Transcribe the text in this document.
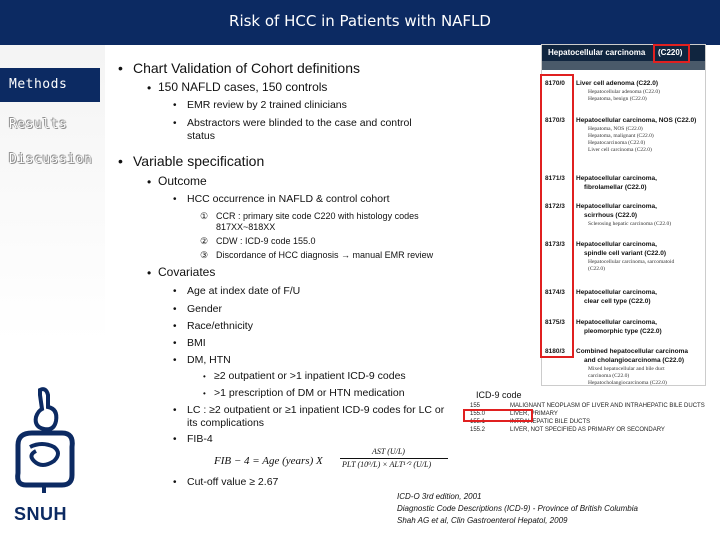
Risk of HCC in Patients with NAFLD
Methods
Results
Discussion
SNUH
• Chart Validation of Cohort definitions
• 150 NAFLD cases, 150 controls
• EMR review by 2 trained clinicians
• Abstractors were blinded to the case and control
status
• Variable specification
• Outcome
• HCC occurrence in NAFLD & control cohort
① CCR : primary site code C220 with histology codes
817XX~818XX
② CDW : ICD-9 code 155.0
③ Discordance of HCC diagnosis → manual EMR review
• Covariates
• Age at index date of F/U
• Gender
• Race/ethnicity
• BMI
• DM, HTN
• ≥2 outpatient or >1 inpatient ICD-9 codes
• >1 prescription of DM or HTN medication
• LC : ≥2 outpatient or ≥1 inpatient ICD-9 codes for LC or
its complications
• FIB-4
FIB − 4 = Age (years) X
AST (U/L)
PLT (10⁹/L) × ALT¹ᐟ² (U/L)
• Cut-off value ≥ 2.67
Hepatocellular carcinoma (C220)
8170/0 Liver cell adenoma (C22.0)
Hepatocellular adenoma (C22.0)
Hepatoma, benign (C22.0)
8170/3 Hepatocellular carcinoma, NOS (C22.0)
Hepatoma, NOS (C22.0)
Hepatoma, malignant (C22.0)
Hepatocarcinoma (C22.0)
Liver cell carcinoma (C22.0)
8171/3 Hepatocellular carcinoma,
fibrolamellar (C22.0)
8172/3 Hepatocellular carcinoma,
scirrhous (C22.0)
Sclerosing hepatic carcinoma (C22.0)
8173/3 Hepatocellular carcinoma,
spindle cell variant (C22.0)
Hepatocellular carcinoma, sarcomatoid
(C22.0)
8174/3 Hepatocellular carcinoma,
clear cell type (C22.0)
8175/3 Hepatocellular carcinoma,
pleomorphic type (C22.0)
8180/3 Combined hepatocellular carcinoma
and cholangiocarcinoma (C22.0)
Mixed hepatocellular and bile duct
carcinoma (C22.0)
Hepatocholangiocarcinoma (C22.0)
ICD-9 code
155	MALIGNANT NEOPLASM OF LIVER AND INTRAHEPATIC BILE DUCTS
155.0	LIVER, PRIMARY
155.1	INTRAHEPATIC BILE DUCTS
155.2	LIVER, NOT SPECIFIED AS PRIMARY OR SECONDARY
ICD-O 3rd edition, 2001
Diagnostic Code Descriptions (ICD-9) - Province of British Columbia
Shah AG et al, Clin Gastroenterol Hepatol, 2009
